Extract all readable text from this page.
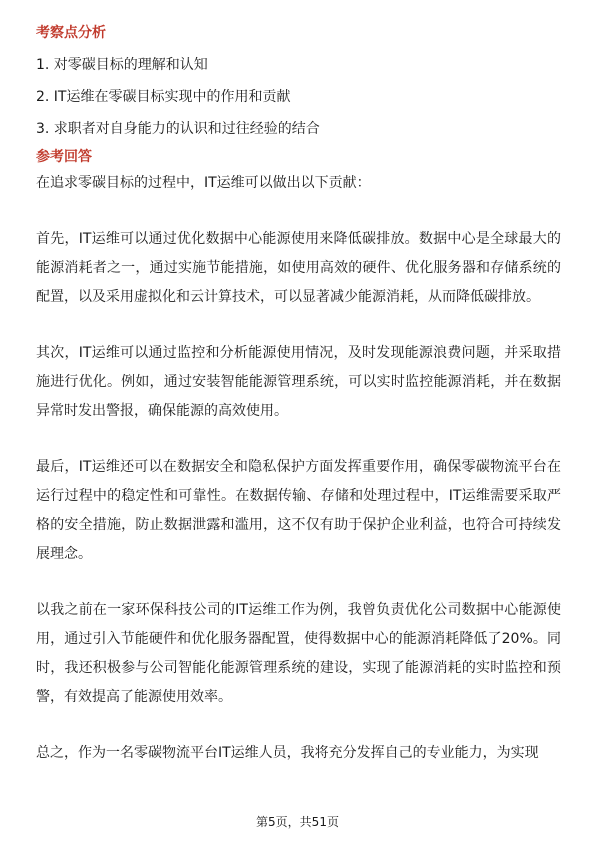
考察点分析
1. 对零碳目标的理解和认知
2. IT运维在零碳目标实现中的作用和贡献
3. 求职者对自身能力的认识和过往经验的结合
参考回答

在追求零碳目标的过程中，IT运维可以做出以下贡献：

首先，IT运维可以通过优化数据中心能源使用来降低碳排放。数据中心是全球最大的能源消耗者之一，通过实施节能措施，如使用高效的硬件、优化服务器和存储系统的配置，以及采用虚拟化和云计算技术，可以显著减少能源消耗，从而降低碳排放。

其次，IT运维可以通过监控和分析能源使用情况，及时发现能源浪费问题，并采取措施进行优化。例如，通过安装智能能源管理系统，可以实时监控能源消耗，并在数据异常时发出警报，确保能源的高效使用。

最后，IT运维还可以在数据安全和隐私保护方面发挥重要作用，确保零碳物流平台在运行过程中的稳定性和可靠性。在数据传输、存储和处理过程中，IT运维需要采取严格的安全措施，防止数据泄露和滥用，这不仅有助于保护企业利益，也符合可持续发展理念。

以我之前在一家环保科技公司的IT运维工作为例，我曾负责优化公司数据中心能源使用，通过引入节能硬件和优化服务器配置，使得数据中心的能源消耗降低了20%。同时，我还积极参与公司智能化能源管理系统的建设，实现了能源消耗的实时监控和预警，有效提高了能源使用效率。

总之，作为一名零碳物流平台IT运维人员，我将充分发挥自己的专业能力，为实现

第5页，共51页
